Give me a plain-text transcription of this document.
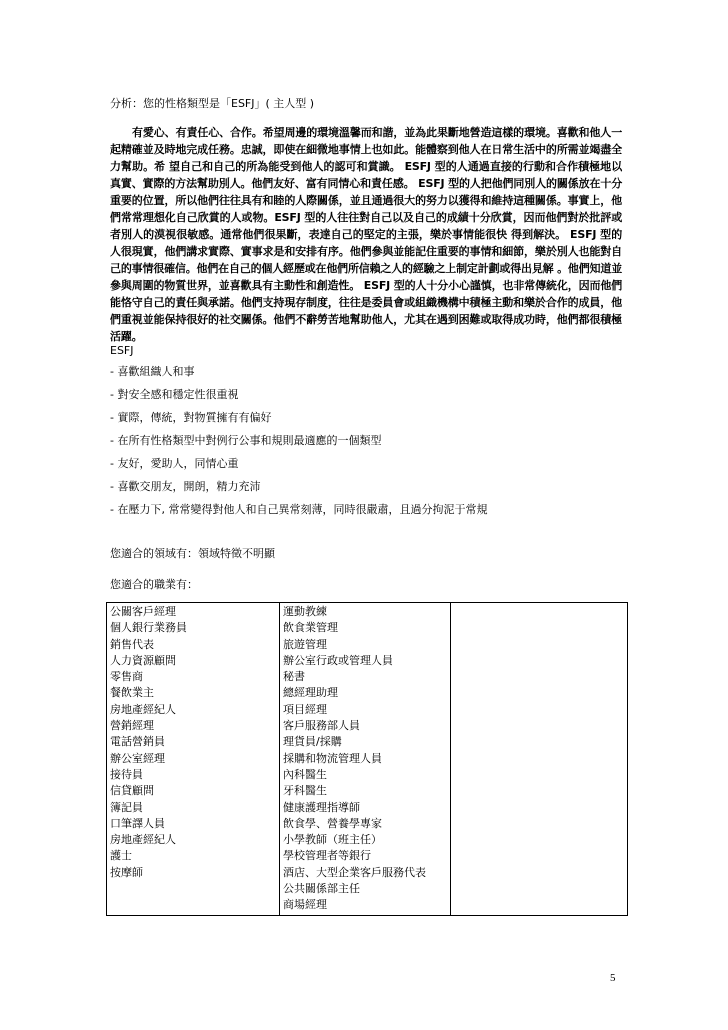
分析：您的性格類型是「ESFJ」( 主人型 )
有愛心、有責任心、合作。希望周邊的環境溫馨而和諧，並為此果斷地營造這樣的環境。喜歡和他人一起精確並及時地完成任務。忠誠，即使在細微地事情上也如此。能體察到他人在日常生活中的所需並竭盡全力幫助。希 望自己和自己的所為能受到他人的認可和賞識。 ESFJ 型的人通過直接的行動和合作積極地以真實、實際的方法幫助別人。他們友好、富有同情心和責任感。 ESFJ 型的人把他們同別人的關係放在十分重要的位置，所以他們往往具有和睦的人際關係，並且通過很大的努力以獲得和維持這種關係。事實上，他們常常理想化自己欣賞的人或物。ESFJ 型的人往往對自己以及自己的成績十分欣賞，因而他們對於批評或者別人的漠視很敏感。通常他們很果斷，表達自己的堅定的主張，樂於事情能很快 得到解決。 ESFJ 型的人很現實，他們講求實際、實事求是和安排有序。他們參與並能記住重要的事情和細節，樂於別人也能對自己的事情很確信。他們在自己的個人經歷或在他們所信賴之人的經驗之上制定計劃或得出見解 。他們知道並參與周圍的物質世界，並喜歡具有主動性和創造性。 ESFJ 型的人十分小心謹慎，也非常傳統化，因而他們能恪守自己的責任與承諾。他們支持現存制度，往往是委員會或組織機構中積極主動和樂於合作的成員，他們重視並能保持很好的社交關係。他們不辭勞苦地幫助他人，尤其在遇到困難或取得成功時，他們都很積極活躍。
ESFJ
- 喜歡組織人和事
- 對安全感和穩定性很重視
- 實際，傳統，對物質擁有有偏好
- 在所有性格類型中對例行公事和規則最適應的一個類型
- 友好，愛助人，同情心重
- 喜歡交朋友，開朗，精力充沛
- 在壓力下, 常常變得對他人和自己異常刻薄，同時很嚴肅，且過分拘泥于常規
您適合的領域有：領域特徵不明顯
您適合的職業有：
公關客戶經理
個人銀行業務員
銷售代表
人力資源顧問
零售商
餐飲業主
房地產經紀人
營銷經理
電話營銷員
辦公室經理
接待員
信貸顧問
簿記員
口筆譯人員
房地產經紀人
護士
按摩師

運動教練
飲食業管理
旅遊管理
辦公室行政或管理人員
秘書
總經理助理
項目經理
客戶服務部人員
理貨員/採購
採購和物流管理人員
內科醫生
牙科醫生
健康護理指導師
飲食學、營養學專家
小學教師（班主任）
學校管理者等銀行
酒店、大型企業客戶服務代表
公共關係部主任
商場經理

5
